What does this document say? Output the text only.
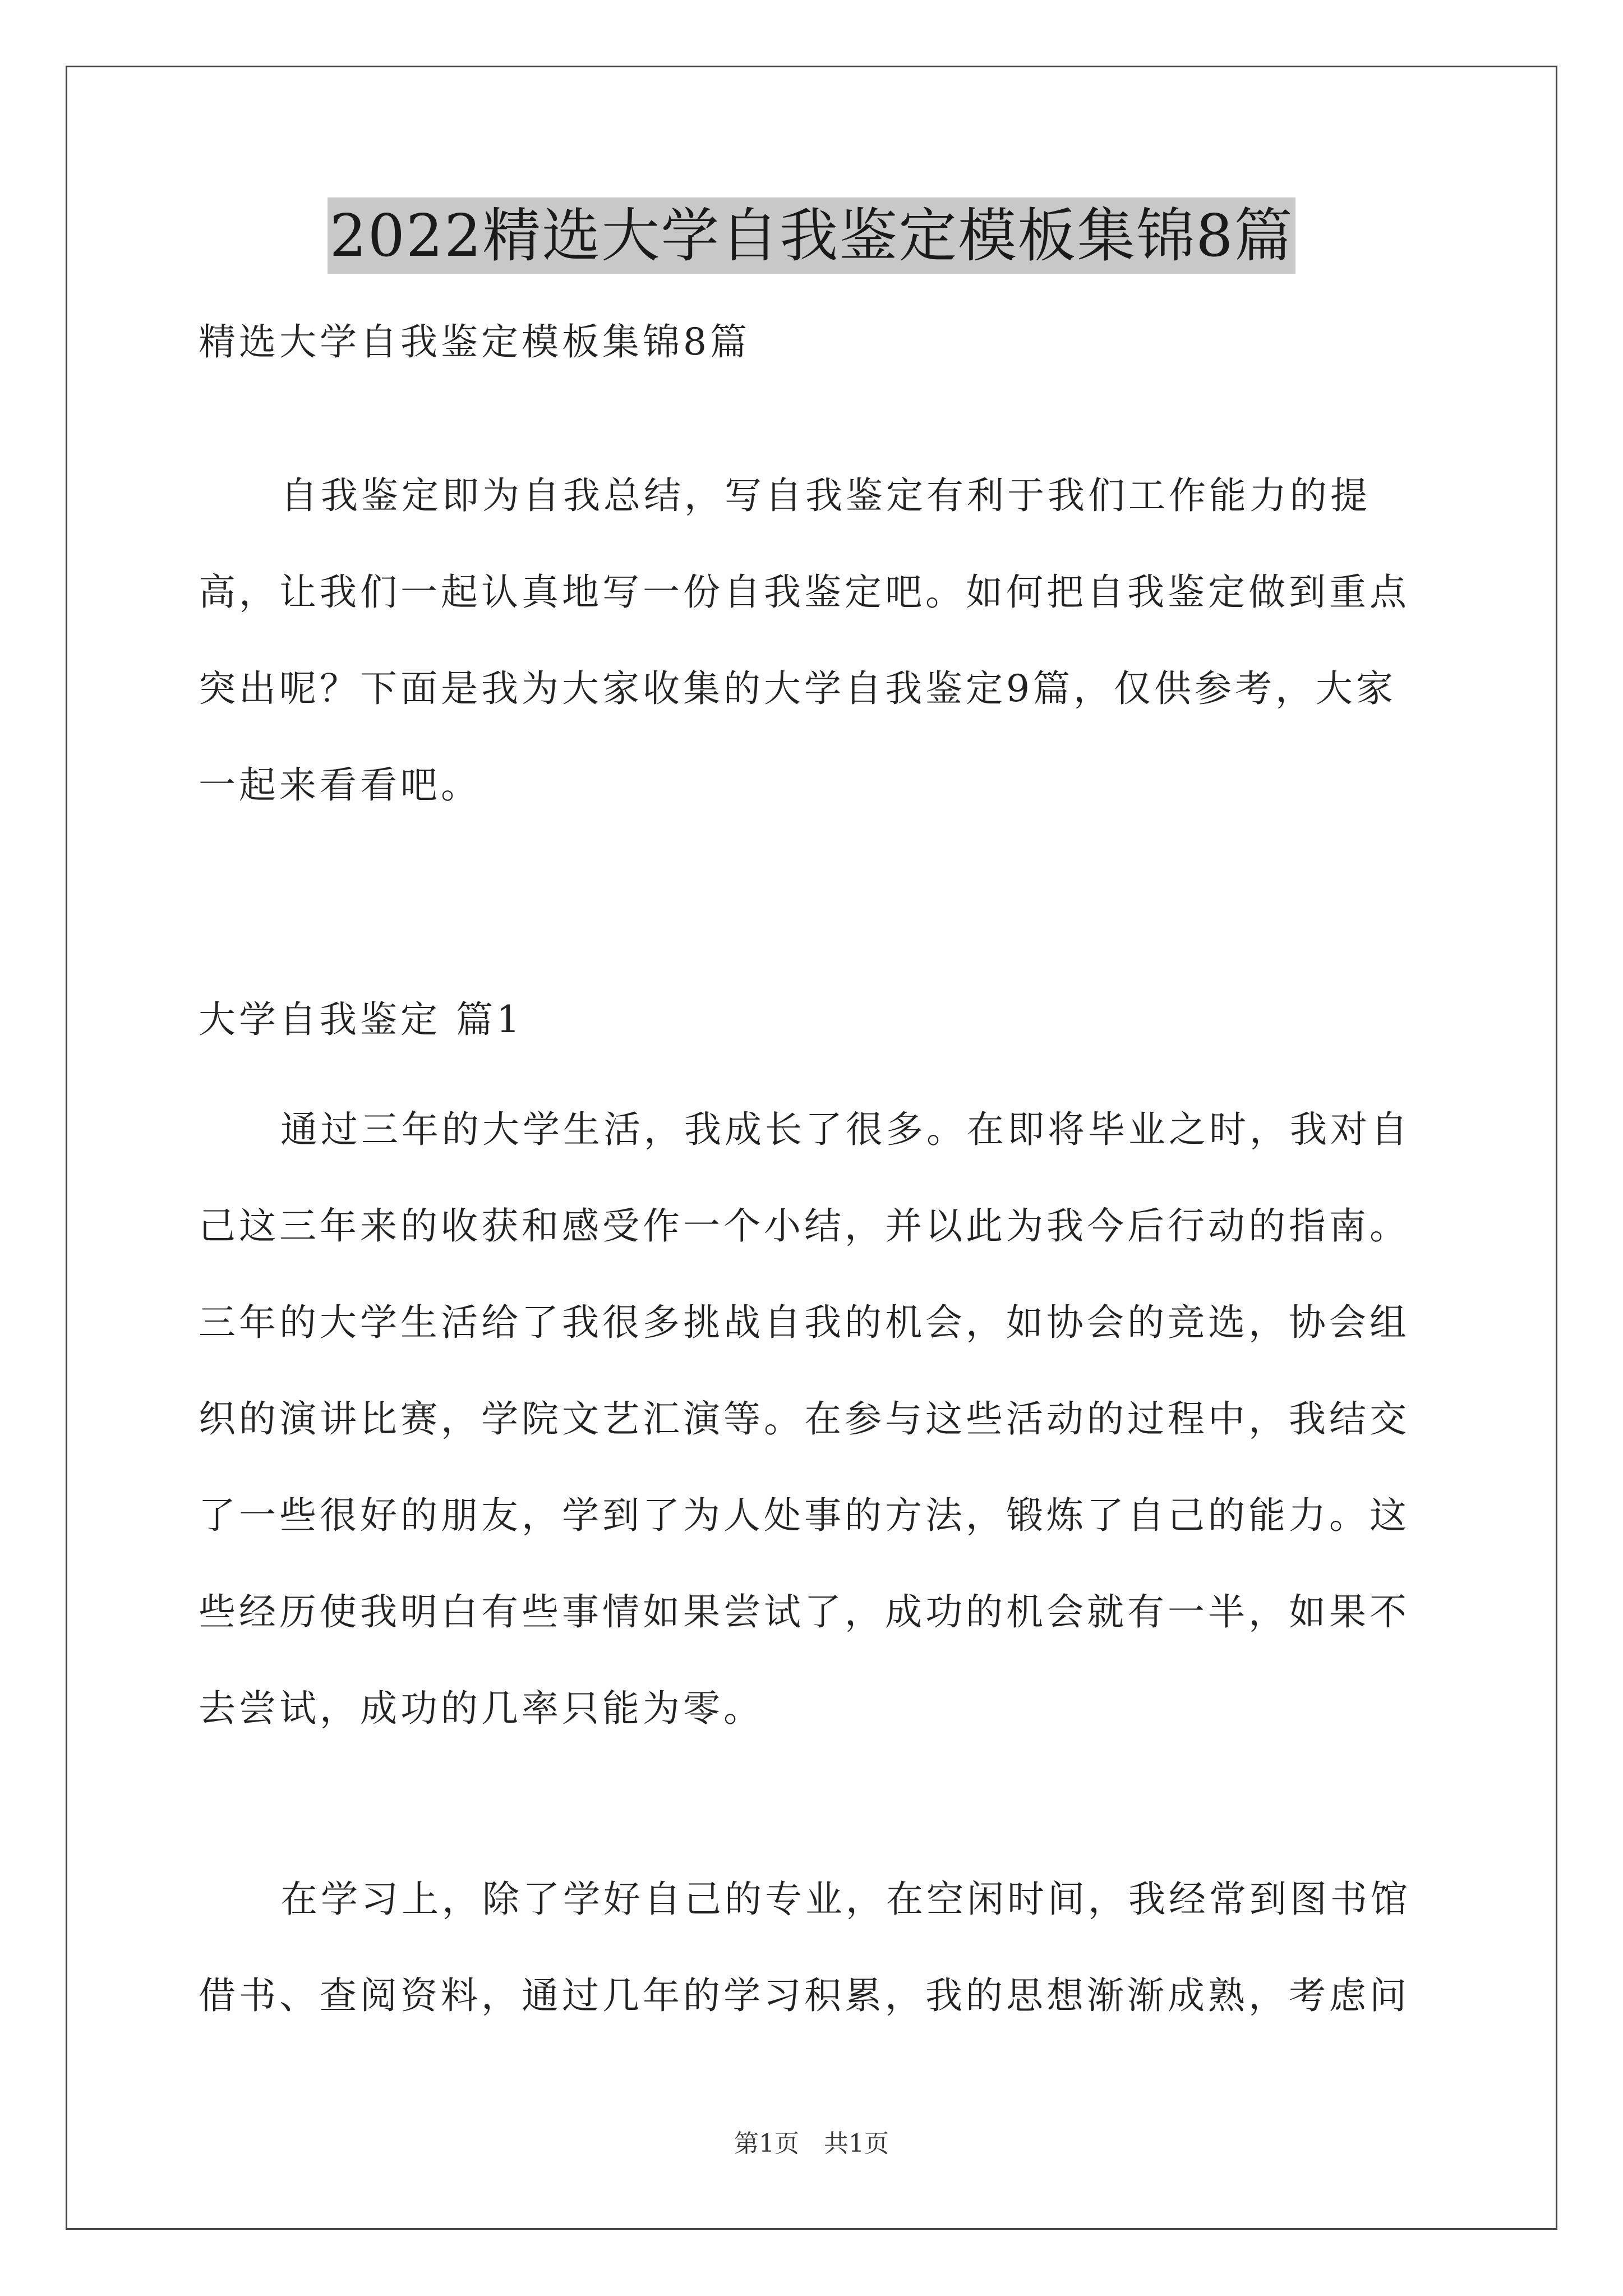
2022精选大学自我鉴定模板集锦8篇

精选大学自我鉴定模板集锦8篇

自我鉴定即为自我总结，写自我鉴定有利于我们工作能力的提高，让我们一起认真地写一份自我鉴定吧。如何把自我鉴定做到重点突出呢？下面是我为大家收集的大学自我鉴定9篇，仅供参考，大家一起来看看吧。

大学自我鉴定 篇1

通过三年的大学生活，我成长了很多。在即将毕业之时，我对自己这三年来的收获和感受作一个小结，并以此为我今后行动的指南。三年的大学生活给了我很多挑战自我的机会，如协会的竞选，协会组织的演讲比赛，学院文艺汇演等。在参与这些活动的过程中，我结交了一些很好的朋友，学到了为人处事的方法，锻炼了自己的能力。这些经历使我明白有些事情如果尝试了，成功的机会就有一半，如果不去尝试，成功的几率只能为零。

在学习上，除了学好自己的专业，在空闲时间，我经常到图书馆借书、查阅资料，通过几年的学习积累，我的思想渐渐成熟，考虑问

第1页　共1页
